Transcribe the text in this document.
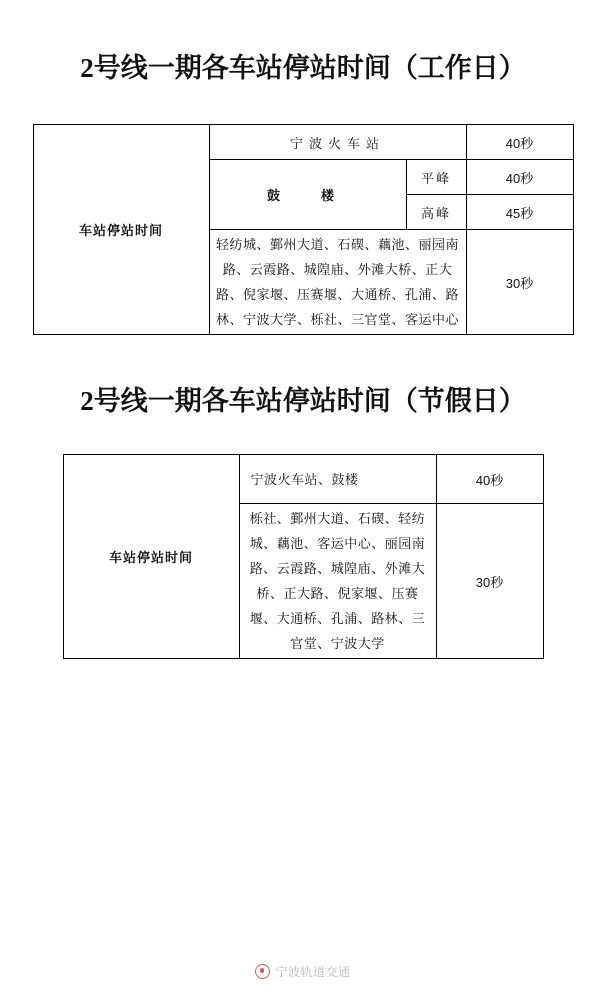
2号线一期各车站停站时间（工作日）
车站停站时间	宁波火车站		40秒
	鼓　楼	平峰	40秒
		高峰	45秒
	轻纺城、鄞州大道、石碶、藕池、丽园南路、云霞路、城隍庙、外滩大桥、正大路、倪家堰、压赛堰、大通桥、孔浦、路林、宁波大学、栎社、三官堂、客运中心		30秒
2号线一期各车站停站时间（节假日）
车站停站时间	宁波火车站、鼓楼	40秒
	栎社、鄞州大道、石碶、轻纺城、藕池、客运中心、丽园南路、云霞路、城隍庙、外滩大桥、正大路、倪家堰、压赛堰、大通桥、孔浦、路林、三官堂、宁波大学	30秒
宁波轨道交通
